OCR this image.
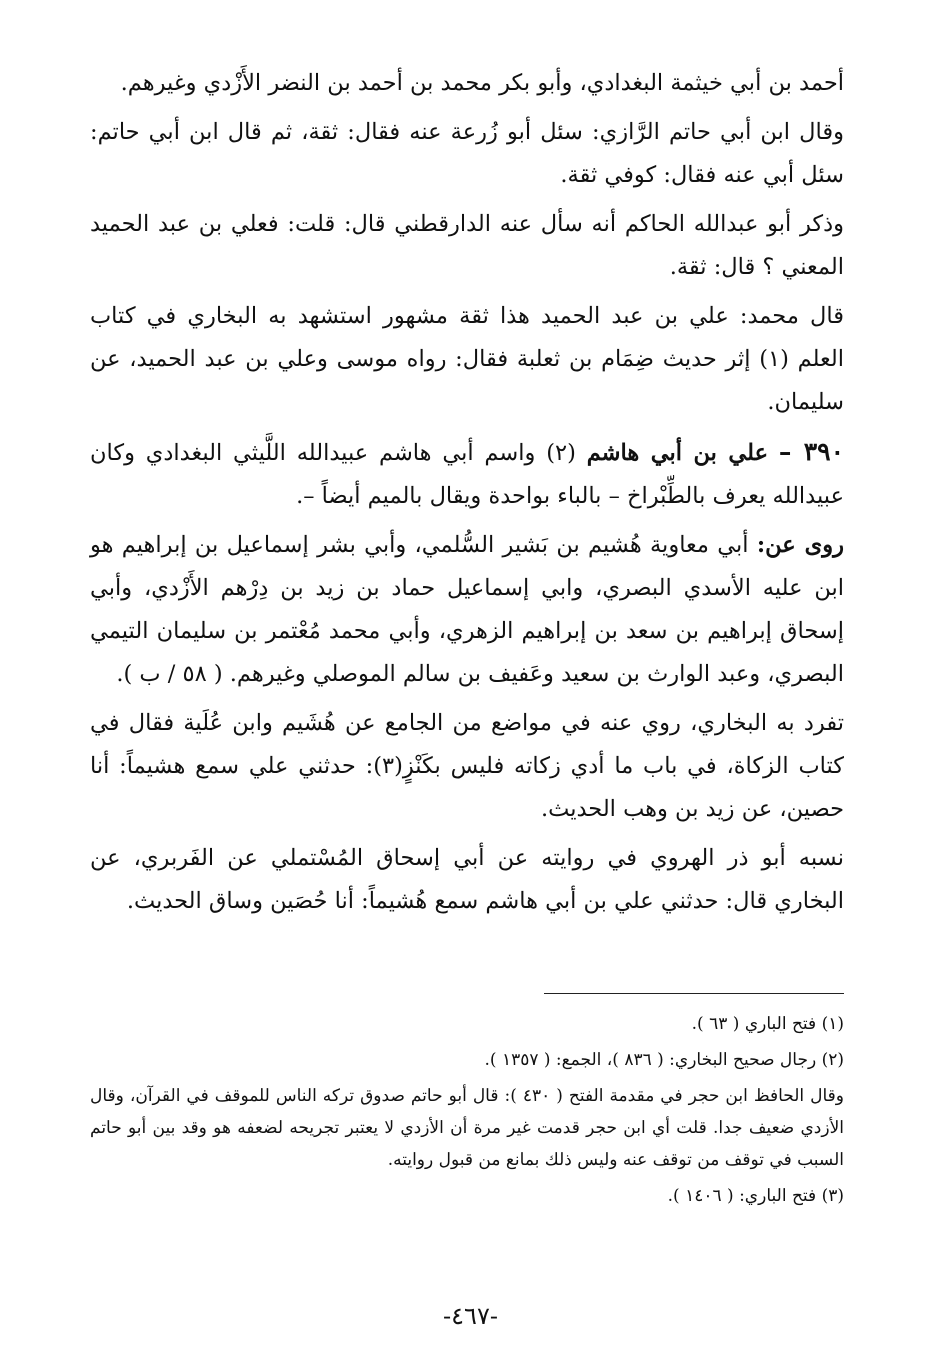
أحمد بن أبي خيثمة البغدادي، وأبو بكر محمد بن أحمد بن النضر الأَزْدي وغيرهم.

وقال ابن أبي حاتم الرَّازي: سئل أبو زُرعة عنه فقال: ثقة، ثم قال ابن أبي حاتم: سئل أبي عنه فقال: كوفي ثقة.

وذكر أبو عبدالله الحاكم أنه سأل عنه الدارقطني قال: قلت: فعلي بن عبد الحميد المعني ؟ قال: ثقة.

قال محمد: علي بن عبد الحميد هذا ثقة مشهور استشهد به البخاري في كتاب العلم (١) إثر حديث ضِمَام بن ثعلبة فقال: رواه موسى وعلي بن عبد الحميد، عن سليمان.

٣٩٠ – علي بن أبي هاشم (٢) واسم أبي هاشم عبيدالله اللَّيثي البغدادي وكان عبيدالله يعرف بالطِّبْراخ – بالباء بواحدة ويقال بالميم أيضاً –.

روى عن: أبي معاوية هُشيم بن بَشير السُّلمي، وأبي بشر إسماعيل بن إبراهيم هو ابن عليه الأسدي البصري، وابي إسماعيل حماد بن زيد بن دِرْهم الأَزْدي، وأبي إسحاق إبراهيم بن سعد بن إبراهيم الزهري، وأبي محمد مُعْتمر بن سليمان التيمي البصري، وعبد الوارث بن سعيد وعَفيف بن سالم الموصلي وغيرهم. ( ٥٨ / ب ).

تفرد به البخاري، روي عنه في مواضع من الجامع عن هُشَيم وابن عُلَية فقال في كتاب الزكاة، في باب ما أدي زكاته فليس بكَنْزٍ(٣): حدثني علي سمع هشيماً: أنا حصين، عن زيد بن وهب الحديث.

نسبه أبو ذر الهروي في روايته عن أبي إسحاق المُسْتملي عن الفَربري، عن البخاري قال: حدثني علي بن أبي هاشم سمع هُشيماً: أنا حُصَين وساق الحديث.

(١) فتح الباري ( ٦٣ ).

(٢) رجال صحيح البخاري: ( ٨٣٦ )، الجمع: ( ١٣٥٧ ).

وقال الحافظ ابن حجر في مقدمة الفتح ( ٤٣٠ ): قال أبو حاتم صدوق تركه الناس للموقف في القرآن، وقال الأزدي ضعيف جدا. قلت أي ابن حجر قدمت غير مرة أن الأزدي لا يعتبر تجريحه لضعفه هو وقد بين أبو حاتم السبب في توقف من توقف عنه وليس ذلك بمانع من قبول روايته.

(٣) فتح الباري: ( ١٤٠٦ ).

-٤٦٧-
